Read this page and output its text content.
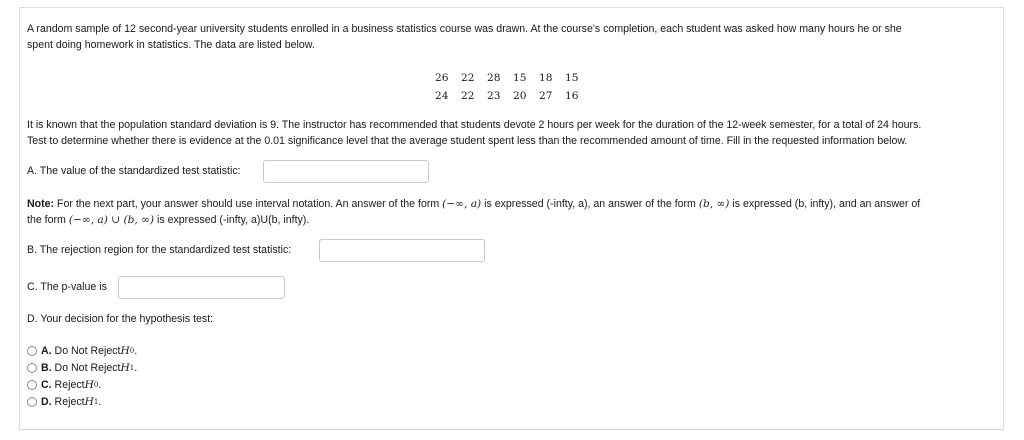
A random sample of 12 second-year university students enrolled in a business statistics course was drawn. At the course's completion, each student was asked how many hours he or she
spent doing homework in statistics. The data are listed below.
26	22	28	15	18	15
24	22	23	20	27	16
It is known that the population standard deviation is 9. The instructor has recommended that students devote 2 hours per week for the duration of the 12-week semester, for a total of 24 hours.
Test to determine whether there is evidence at the 0.01 significance level that the average student spent less than the recommended amount of time. Fill in the requested information below.
A. The value of the standardized test statistic:
Note: For the next part, your answer should use interval notation. An answer of the form (−∞, a) is expressed (-infty, a), an answer of the form (b, ∞) is expressed (b, infty), and an answer of
the form (−∞, a) ∪ (b, ∞) is expressed (-infty, a)U(b, infty).
B. The rejection region for the standardized test statistic:
C. The p-value is
D. Your decision for the hypothesis test:
A.
Do Not Reject H 0 .
B.
Do Not Reject H 1 .
C.
Reject H 0 .
D.
Reject H 1 .
